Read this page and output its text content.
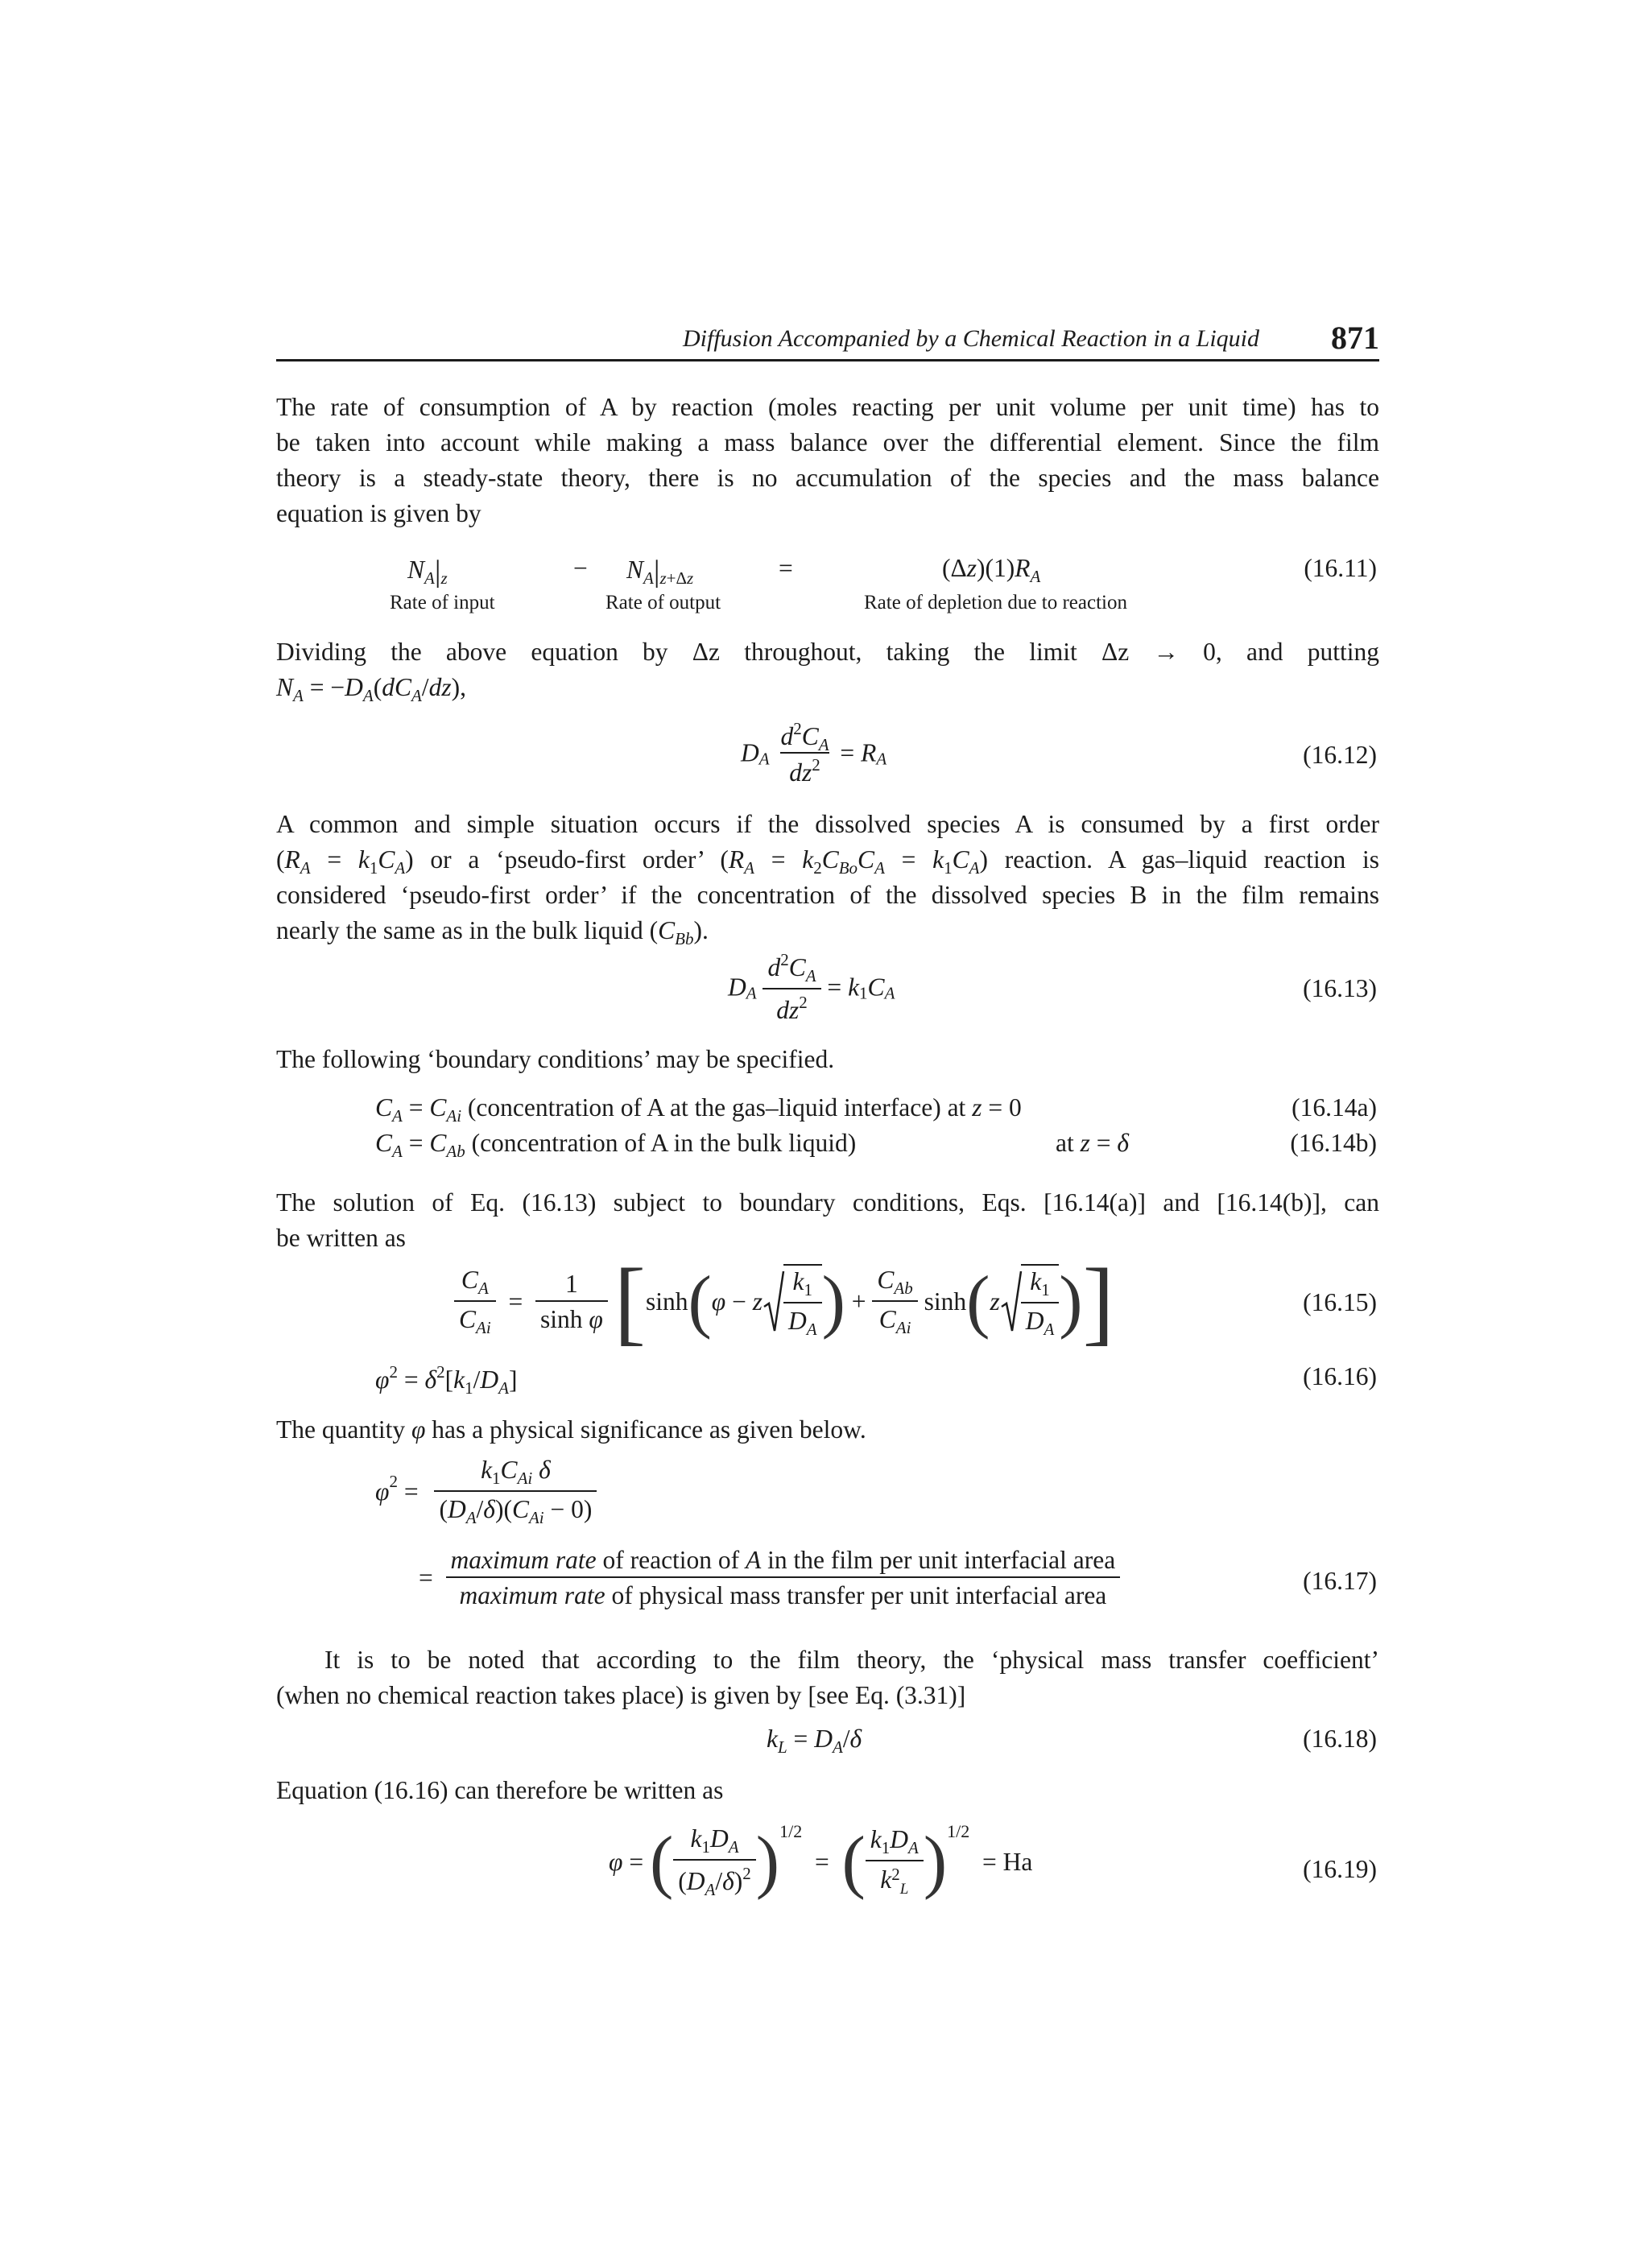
Diffusion Accompanied by a Chemical Reaction in a Liquid 871
The rate of consumption of A by reaction (moles reacting per unit volume per unit time) has to
be taken into account while making a mass balance over the differential element. Since the film
theory is a steady-state theory, there is no accumulation of the species and the mass balance
equation is given by
$N_A|_z$	− $N_A|_{z+\Delta z}$	=	$(\Delta z)(1)R_A$	(16.11)
Rate of input	Rate of output	Rate of depletion due to reaction
Dividing the above equation by Δz throughout, taking the limit Δz → 0, and putting
$N_A = -D_A(dC_A/dz)$,
$D_A$
$d^2C_A$
$dz^2 = R_A$	(16.12)
A common and simple situation occurs if the dissolved species A is consumed by a first order
$(R_A = k_1C_A)$ or a ‘pseudo-first order’ $(R_A = k_2C_{Bo}C_A = k_1C_A)$ reaction. A gas–liquid reaction is
considered ‘pseudo-first order’ if the concentration of the dissolved species B in the film remains
nearly the same as in the bulk liquid $(C_{Bb})$.
$D_A \frac{d^2C_A}{dz^2} = k_1C_A$	(16.13)
The following ‘boundary conditions’ may be specified.
$C_A = C_{Ai}$ (concentration of A at the gas–liquid interface) at z = 0	(16.14a)
$C_A = C_{Ab}$ (concentration of A in the bulk liquid)	at z = δ	(16.14b)
The solution of Eq. (16.13) subject to boundary conditions, Eqs. [16.14(a)] and [16.14(b)], can
be written as
$\frac{C_A}{C_{Ai}} = \frac{1}{\text{sinh φ}} [\sinh(\varphi - z \frac{k_1}{D_A}$ ) + $\frac{C_{Ab}}{C_{Ai}} \sinh(z \frac{k_1}{D_A}$ )]	(16.15)
$\varphi^2 = \delta^2[k_1/D_A]$	(16.16)
The quantity φ has a physical significance as given below.
$\varphi^2 = \frac{k_1C_{Ai} \delta}{(D_A/\delta)(C_{Ai} - 0)}$
=
maximum rate of reaction of A in the film per unit interfacial area
maximum rate of physical mass transfer per unit interfacial area
(16.17)
It is to be noted that according to the film theory, the ‘physical mass transfer coefficient’
(when no chemical reaction takes place) is given by [see Eq. (3.31)]
$k_L = D_A/\delta$	(16.18)
Equation (16.16) can therefore be written as
φ = ( $\frac{k_1D_A}{(D_A/\delta)^2} )^{1/2}$  =  ( $\frac{k_1D_A}{k^2_L} )^{1/2} = Ha$	(16.19)
